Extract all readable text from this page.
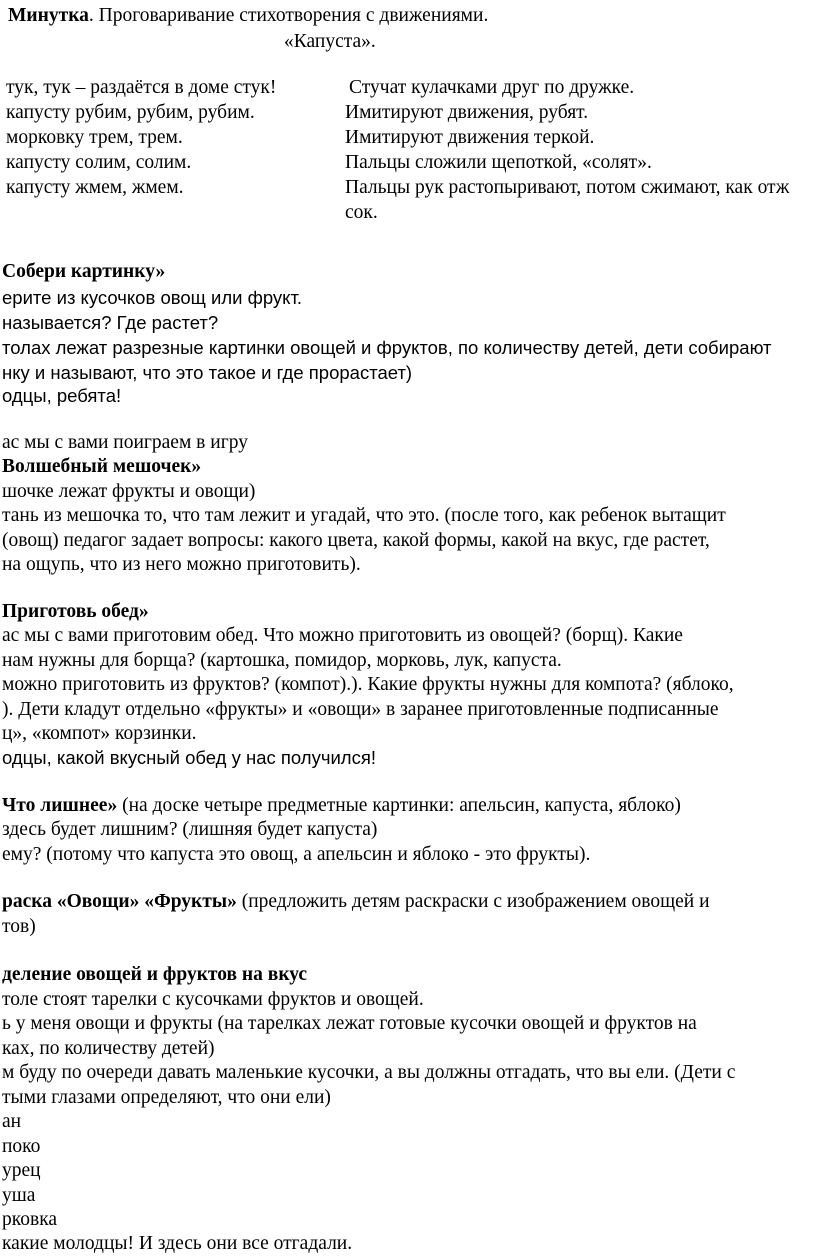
Минутка. Проговаривание стихотворения с движениями.
«Капуста».
тук, тук – раздаётся в доме стук!
капусту рубим, рубим, рубим.
морковку трем, трем.
капусту солим, солим.
капусту жмем, жмем.
Стучат кулачками друг по дружке.
Имитируют движения, рубят.
Имитируют движения теркой.
Пальцы сложили щепоткой, «солят».
Пальцы рук растопыривают, потом сжимают, как отж
сок.
Собери картинку»
ерите из кусочков овощ или фрукт.
называется? Где растет?
толах лежат разрезные картинки овощей и фруктов, по количеству детей, дети собирают
нку и называют, что это такое и где прорастает)
одцы, ребята!
ас мы с вами поиграем в игру
Волшебный мешочек»
шочке лежат фрукты и овощи)
тань из мешочка то, что там лежит и угадай, что это. (после того, как ребенок вытащит
(овощ) педагог задает вопросы: какого цвета, какой формы, какой на вкус, где растет,
на ощупь, что из него можно приготовить).
Приготовь обед»
ас мы с вами приготовим обед. Что можно приготовить из овощей? (борщ). Какие
нам нужны для борща? (картошка, помидор, морковь, лук, капуста.
можно приготовить из фруктов? (компот).). Какие фрукты нужны для компота? (яблоко,
). Дети кладут отдельно «фрукты» и «овощи» в заранее приготовленные подписанные
ц», «компот» корзинки.
одцы, какой вкусный обед у нас получился!
Что лишнее» (на доске четыре предметные картинки: апельсин, капуста, яблоко)
здесь будет лишним? (лишняя будет капуста)
ему? (потому что капуста это овощ, а апельсин и яблоко - это фрукты).
раска «Овощи» «Фрукты» (предложить детям раскраски с изображением овощей и
тов)
деление овощей и фруктов на вкус
толе стоят тарелки с кусочками фруктов и овощей.
ь у меня овощи и фрукты (на тарелках лежат готовые кусочки овощей и фруктов на
ках, по количеству детей)
м буду по очереди давать маленькие кусочки, а вы должны отгадать, что вы ели. (Дети с
тыми глазами определяют, что они ели)
ан
поко
урец
уша
рковка
какие молодцы! И здесь они все отгадали.
